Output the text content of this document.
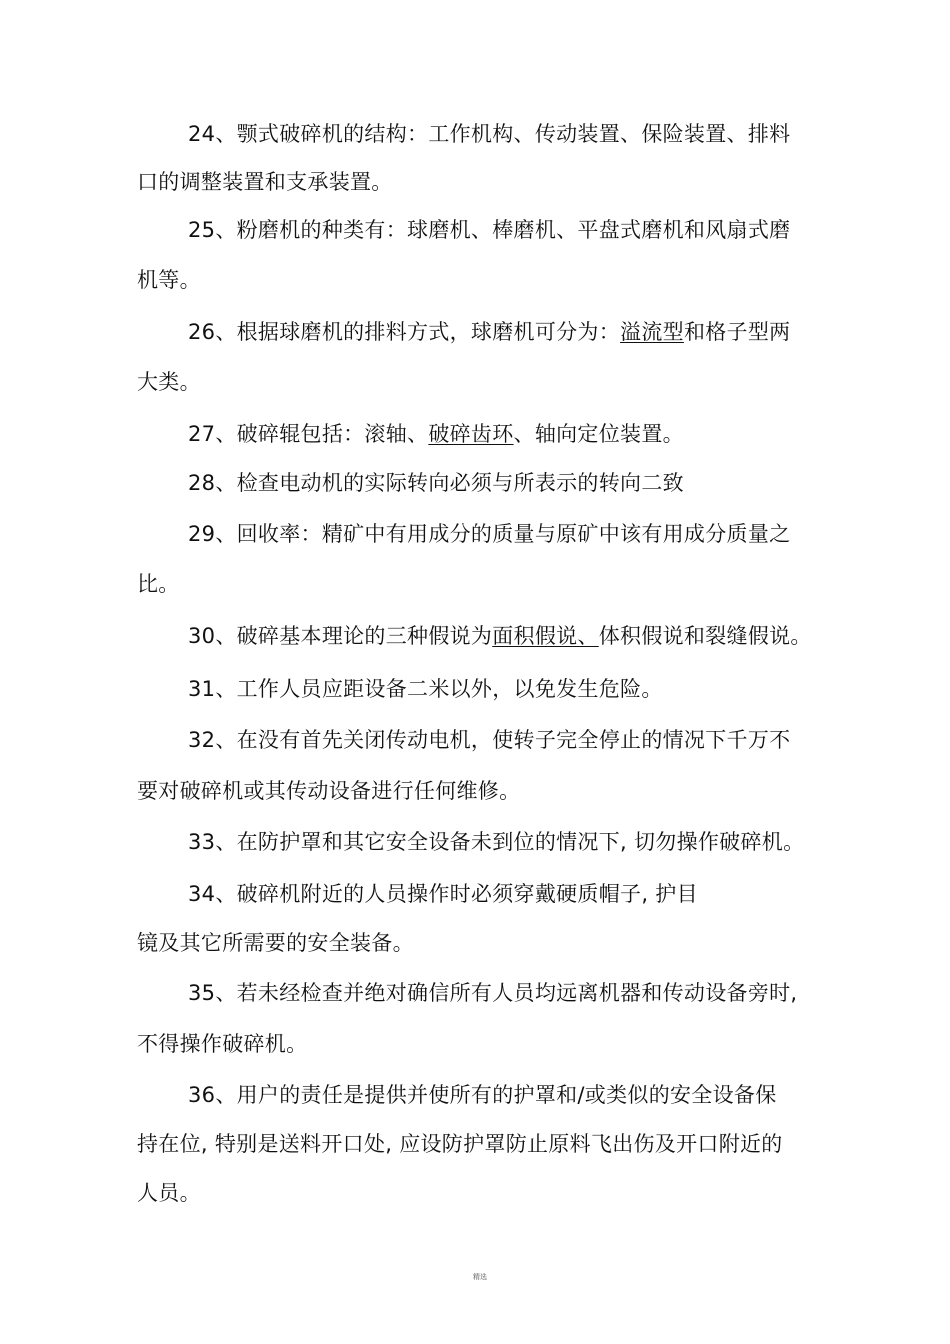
24、颚式破碎机的结构：工作机构、传动装置、保险装置、排料
口的调整装置和支承装置。
25、粉磨机的种类有：球磨机、棒磨机、平盘式磨机和风扇式磨
机等。
26、根据球磨机的排料方式，球磨机可分为：溢流型和格子型两
大类。
27、破碎辊包括：滚轴、破碎齿环、轴向定位装置。
28、检查电动机的实际转向必须与所表示的转向二致
29、回收率：精矿中有用成分的质量与原矿中该有用成分质量之
比。
30、破碎基本理论的三种假说为面积假说、体积假说和裂缝假说。
31、工作人员应距设备二米以外，以免发生危险。
32、在没有首先关闭传动电机，使转子完全停止的情况下千万不
要对破碎机或其传动设备进行任何维修。
33、在防护罩和其它安全设备未到位的情况下, 切勿操作破碎机。
34、破碎机附近的人员操作时必须穿戴硬质帽子, 护目
镜及其它所需要的安全装备。
35、若未经检查并绝对确信所有人员均远离机器和传动设备旁时,
不得操作破碎机。
36、用户的责任是提供并使所有的护罩和/或类似的安全设备保
持在位, 特别是送料开口处, 应设防护罩防止原料飞出伤及开口附近的
人员。
精选
